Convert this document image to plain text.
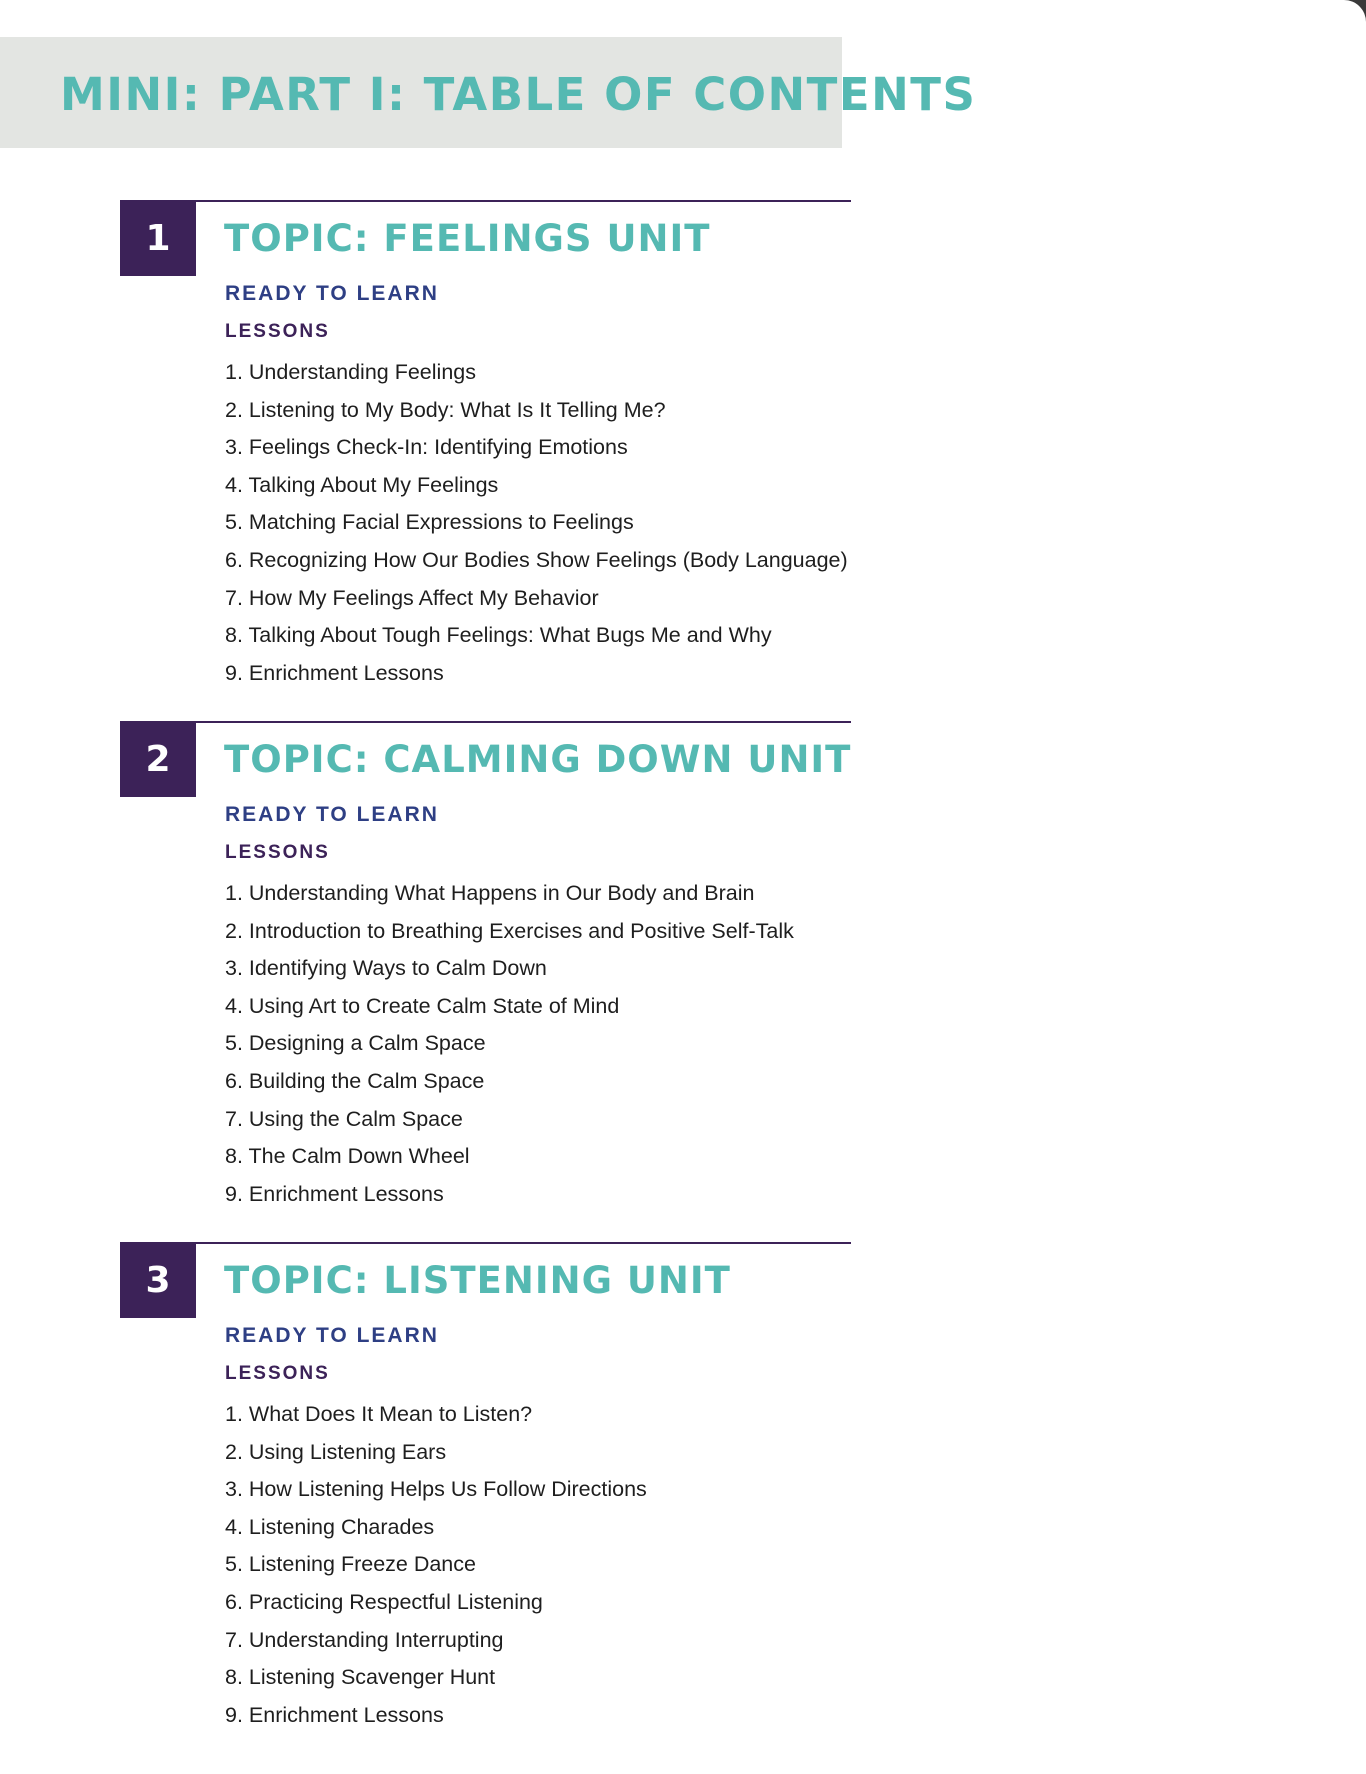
MINI: PART I: TABLE OF CONTENTS
1	TOPIC: FEELINGS UNIT
READY TO LEARN
LESSONS
1. Understanding Feelings
2. Listening to My Body: What Is It Telling Me?
3. Feelings Check-In: Identifying Emotions
4. Talking About My Feelings
5. Matching Facial Expressions to Feelings
6. Recognizing How Our Bodies Show Feelings (Body Language)
7. How My Feelings Affect My Behavior
8. Talking About Tough Feelings: What Bugs Me and Why
9. Enrichment Lessons
2	TOPIC: CALMING DOWN UNIT
READY TO LEARN
LESSONS
1. Understanding What Happens in Our Body and Brain
2. Introduction to Breathing Exercises and Positive Self-Talk
3. Identifying Ways to Calm Down
4. Using Art to Create Calm State of Mind
5. Designing a Calm Space
6. Building the Calm Space
7. Using the Calm Space
8. The Calm Down Wheel
9. Enrichment Lessons
3	TOPIC: LISTENING UNIT
READY TO LEARN
LESSONS
1. What Does It Mean to Listen?
2. Using Listening Ears
3. How Listening Helps Us Follow Directions
4. Listening Charades
5. Listening Freeze Dance
6. Practicing Respectful Listening
7. Understanding Interrupting
8. Listening Scavenger Hunt
9. Enrichment Lessons
